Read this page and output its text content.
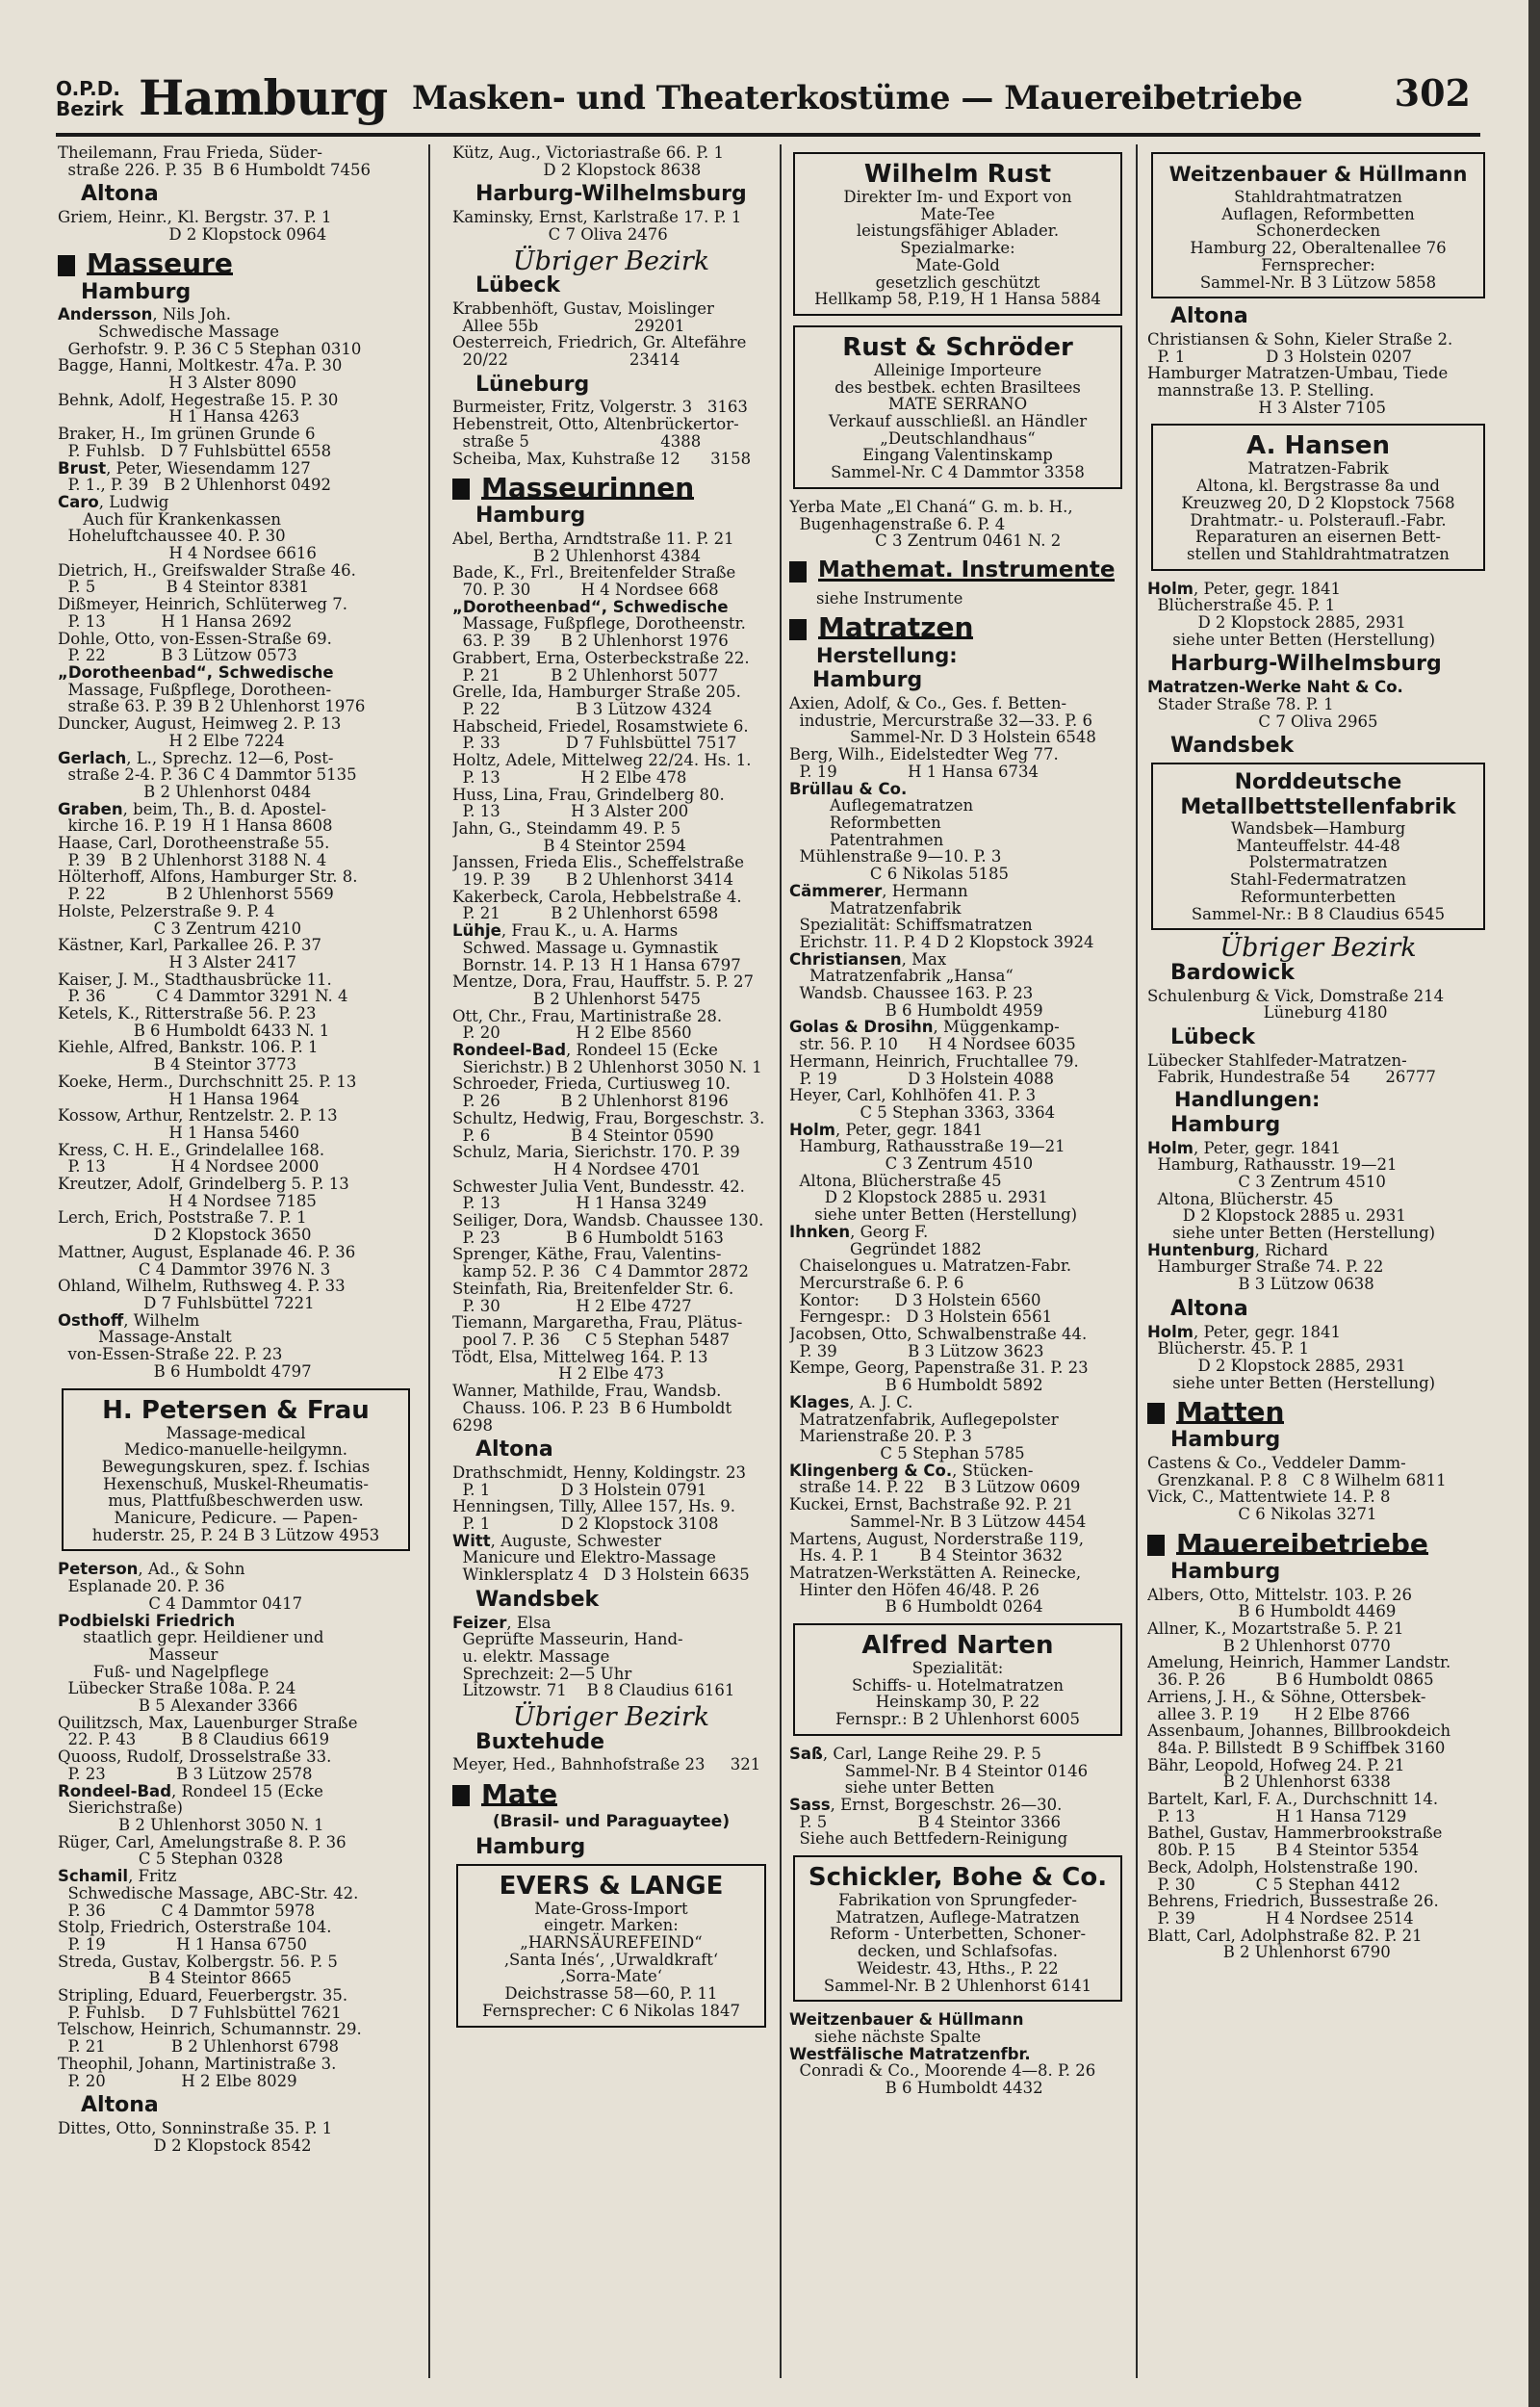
O.P.D.
Bezirk Hamburg Masken- und Theaterkostüme — Mauereibetriebe	302

Theilemann, Frau Frieda, Süder-
straße 226. P. 35  B 6 Humboldt 7456

Altona

Griem, Heinr., Kl. Bergstr. 37. P. 1
D 2 Klopstock 0964

Masseure
Hamburg

Andersson, Nils Joh.
Schwedische Massage
Gerhofstr. 9. P. 36 C 5 Stephan 0310

Bagge, Hanni, Moltkestr. 47a. P. 30
H 3 Alster 8090

Behnk, Adolf, Hegestraße 15. P. 30
H 1 Hansa 4263

Braker, H., Im grünen Grunde 6
P. Fuhlsb.   D 7 Fuhlsbüttel 6558

Brust, Peter, Wiesendamm 127
P. 1., P. 39   B 2 Uhlenhorst 0492

Caro, Ludwig
Auch für Krankenkassen
Hoheluftchaussee 40. P. 30
H 4 Nordsee 6616

Dietrich, H., Greifswalder Straße 46.
P. 5              B 4 Steintor 8381

Dißmeyer, Heinrich, Schlüterweg 7.
P. 13           H 1 Hansa 2692

Dohle, Otto, von-Essen-Straße 69.
P. 22           B 3 Lützow 0573

„Dorotheenbad“, Schwedische
Massage, Fußpflege, Dorotheen-
straße 63. P. 39 B 2 Uhlenhorst 1976

Duncker, August, Heimweg 2. P. 13
H 2 Elbe 7224

Gerlach, L., Sprechz. 12—6, Post-
straße 2-4. P. 36 C 4 Dammtor 5135
B 2 Uhlenhorst 0484

Graben, beim, Th., B. d. Apostel-
kirche 16. P. 19  H 1 Hansa 8608

Haase, Carl, Dorotheenstraße 55.
P. 39   B 2 Uhlenhorst 3188 N. 4

Hölterhoff, Alfons, Hamburger Str. 8.
P. 22            B 2 Uhlenhorst 5569

Holste, Pelzerstraße 9. P. 4
C 3 Zentrum 4210

Kästner, Karl, Parkallee 26. P. 37
H 3 Alster 2417

Kaiser, J. M., Stadthausbrücke 11.
P. 36          C 4 Dammtor 3291 N. 4

Ketels, K., Ritterstraße 56. P. 23
B 6 Humboldt 6433 N. 1

Kiehle, Alfred, Bankstr. 106. P. 1
B 4 Steintor 3773

Koeke, Herm., Durchschnitt 25. P. 13
H 1 Hansa 1964

Kossow, Arthur, Rentzelstr. 2. P. 13
H 1 Hansa 5460

Kress, C. H. E., Grindelallee 168.
P. 13             H 4 Nordsee 2000

Kreutzer, Adolf, Grindelberg 5. P. 13
H 4 Nordsee 7185

Lerch, Erich, Poststraße 7. P. 1
D 2 Klopstock 3650

Mattner, August, Esplanade 46. P. 36
C 4 Dammtor 3976 N. 3

Ohland, Wilhelm, Ruthsweg 4. P. 33
D 7 Fuhlsbüttel 7221

Osthoff, Wilhelm
Massage-Anstalt
von-Essen-Straße 22. P. 23
B 6 Humboldt 4797

H. Petersen & Frau

Massage-medical
Medico-manuelle-heilgymn.
Bewegungskuren, spez. f. Ischias
Hexenschuß, Muskel-Rheumatis-
mus, Plattfußbeschwerden usw.
Manicure, Pedicure. — Papen-
huderstr. 25, P. 24 B 3 Lützow 4953

Peterson, Ad., & Sohn
Esplanade 20. P. 36
C 4 Dammtor 0417

Podbielski Friedrich
staatlich gepr. Heildiener und
Masseur
Fuß- und Nagelpflege
Lübecker Straße 108a. P. 24
B 5 Alexander 3366

Quilitzsch, Max, Lauenburger Straße
22. P. 43         B 8 Claudius 6619

Quooss, Rudolf, Drosselstraße 33.
P. 23              B 3 Lützow 2578

Rondeel-Bad, Rondeel 15 (Ecke
Sierichstraße)
B 2 Uhlenhorst 3050 N. 1

Rüger, Carl, Amelungstraße 8. P. 36
C 5 Stephan 0328

Schamil, Fritz
Schwedische Massage, ABC-Str. 42.
P. 36           C 4 Dammtor 5978

Stolp, Friedrich, Osterstraße 104.
P. 19              H 1 Hansa 6750

Streda, Gustav, Kolbergstr. 56. P. 5
B 4 Steintor 8665

Stripling, Eduard, Feuerbergstr. 35.
P. Fuhlsb.     D 7 Fuhlsbüttel 7621

Telschow, Heinrich, Schumannstr. 29.
P. 21             B 2 Uhlenhorst 6798

Theophil, Johann, Martinistraße 3.
P. 20               H 2 Elbe 8029

Altona

Dittes, Otto, Sonninstraße 35. P. 1
D 2 Klopstock 8542

Kütz, Aug., Victoriastraße 66. P. 1
D 2 Klopstock 8638

Harburg-Wilhelmsburg

Kaminsky, Ernst, Karlstraße 17. P. 1
C 7 Oliva 2476

Übriger Bezirk
Lübeck

Krabbenhöft, Gustav, Moislinger
Allee 55b                   29201

Oesterreich, Friedrich, Gr. Altefähre
20/22                        23414

Lüneburg

Burmeister, Fritz, Volgerstr. 3   3163

Hebenstreit, Otto, Altenbrückertor-
straße 5                          4388

Scheiba, Max, Kuhstraße 12      3158

Masseurinnen
Hamburg

Abel, Bertha, Arndtstraße 11. P. 21
B 2 Uhlenhorst 4384

Bade, K., Frl., Breitenfelder Straße
70. P. 30          H 4 Nordsee 668

„Dorotheenbad“, Schwedische
Massage, Fußpflege, Dorotheenstr.
63. P. 39      B 2 Uhlenhorst 1976

Grabbert, Erna, Osterbeckstraße 22.
P. 21          B 2 Uhlenhorst 5077

Grelle, Ida, Hamburger Straße 205.
P. 22               B 3 Lützow 4324

Habscheid, Friedel, Rosamstwiete 6.
P. 33             D 7 Fuhlsbüttel 7517

Holtz, Adele, Mittelweg 22/24. Hs. 1.
P. 13                H 2 Elbe 478

Huss, Lina, Frau, Grindelberg 80.
P. 13              H 3 Alster 200

Jahn, G., Steindamm 49. P. 5
B 4 Steintor 2594

Janssen, Frieda Elis., Scheffelstraße
19. P. 39       B 2 Uhlenhorst 3414

Kakerbeck, Carola, Hebbelstraße 4.
P. 21          B 2 Uhlenhorst 6598

Lühje, Frau K., u. A. Harms
Schwed. Massage u. Gymnastik
Bornstr. 14. P. 13  H 1 Hansa 6797

Mentze, Dora, Frau, Hauffstr. 5. P. 27
B 2 Uhlenhorst 5475

Ott, Chr., Frau, Martinistraße 28.
P. 20               H 2 Elbe 8560

Rondeel-Bad, Rondeel 15 (Ecke
Sierichstr.) B 2 Uhlenhorst 3050 N. 1

Schroeder, Frieda, Curtiusweg 10.
P. 26            B 2 Uhlenhorst 8196

Schultz, Hedwig, Frau, Borgeschstr. 3.
P. 6                B 4 Steintor 0590

Schulz, Maria, Sierichstr. 170. P. 39
H 4 Nordsee 4701

Schwester Julia Vent, Bundesstr. 42.
P. 13               H 1 Hansa 3249

Seiliger, Dora, Wandsb. Chaussee 130.
P. 23             B 6 Humboldt 5163

Sprenger, Käthe, Frau, Valentins-
kamp 52. P. 36   C 4 Dammtor 2872

Steinfath, Ria, Breitenfelder Str. 6.
P. 30               H 2 Elbe 4727

Tiemann, Margaretha, Frau, Plätus-
pool 7. P. 36     C 5 Stephan 5487

Tödt, Elsa, Mittelweg 164. P. 13
H 2 Elbe 473

Wanner, Mathilde, Frau, Wandsb.
Chauss. 106. P. 23  B 6 Humboldt 6298

Altona

Drathschmidt, Henny, Koldingstr. 23
P. 1              D 3 Holstein 0791

Henningsen, Tilly, Allee 157, Hs. 9.
P. 1              D 2 Klopstock 3108

Witt, Auguste, Schwester
Manicure und Elektro-Massage
Winklersplatz 4   D 3 Holstein 6635

Wandsbek

Feizer, Elsa
Geprüfte Masseurin, Hand-
u. elektr. Massage
Sprechzeit: 2—5 Uhr
Litzowstr. 71    B 8 Claudius 6161

Übriger Bezirk
Buxtehude

Meyer, Hed., Bahnhofstraße 23     321

Mate
(Brasil- und Paraguaytee)
Hamburg

EVERS & LANGE

Mate-Gross-Import
eingetr. Marken:
„HARNSÄUREFEIND“
‚Santa Inés‘, ‚Urwaldkraft‘
‚Sorra-Mate‘
Deichstrasse 58—60, P. 11
Fernsprecher: C 6 Nikolas 1847

Wilhelm Rust

Direkter Im- und Export von
Mate-Tee
leistungsfähiger Ablader.
Spezialmarke:
Mate-Gold
gesetzlich geschützt
Hellkamp 58, P.19, H 1 Hansa 5884

Rust & Schröder

Alleinige Importeure
des bestbek. echten Brasiltees
MATE SERRANO
Verkauf ausschließl. an Händler
„Deutschlandhaus“
Eingang Valentinskamp
Sammel-Nr. C 4 Dammtor 3358

Yerba Mate „El Chaná“ G. m. b. H.,
Bugenhagenstraße 6. P. 4
C 3 Zentrum 0461 N. 2

Mathemat. Instrumente

siehe Instrumente

Matratzen
Herstellung:
Hamburg

Axien, Adolf, & Co., Ges. f. Betten-
industrie, Mercurstraße 32—33. P. 6
Sammel-Nr. D 3 Holstein 6548

Berg, Wilh., Eidelstedter Weg 77.
P. 19              H 1 Hansa 6734

Brüllau & Co.
Auflegematratzen
Reformbetten
Patentrahmen
Mühlenstraße 9—10. P. 3
C 6 Nikolas 5185

Cämmerer, Hermann
Matratzenfabrik
Spezialität: Schiffsmatratzen
Erichstr. 11. P. 4 D 2 Klopstock 3924

Christiansen, Max
Matratzenfabrik „Hansa“
Wandsb. Chaussee 163. P. 23
B 6 Humboldt 4959

Golas & Drosihn, Müggenkamp-
str. 56. P. 10      H 4 Nordsee 6035

Hermann, Heinrich, Fruchtallee 79.
P. 19              D 3 Holstein 4088

Heyer, Carl, Kohlhöfen 41. P. 3
C 5 Stephan 3363, 3364

Holm, Peter, gegr. 1841
Hamburg, Rathausstraße 19—21
C 3 Zentrum 4510
Altona, Blücherstraße 45
D 2 Klopstock 2885 u. 2931
siehe unter Betten (Herstellung)

Ihnken, Georg F.
Gegründet 1882
Chaiselongues u. Matratzen-Fabr.
Mercurstraße 6. P. 6
Kontor:       D 3 Holstein 6560
Ferngespr.:   D 3 Holstein 6561

Jacobsen, Otto, Schwalbenstraße 44.
P. 39              B 3 Lützow 3623

Kempe, Georg, Papenstraße 31. P. 23
B 6 Humboldt 5892

Klages, A. J. C.
Matratzenfabrik, Auflegepolster
Marienstraße 20. P. 3
C 5 Stephan 5785

Klingenberg & Co., Stücken-
straße 14. P. 22    B 3 Lützow 0609

Kuckei, Ernst, Bachstraße 92. P. 21
Sammel-Nr. B 3 Lützow 4454

Martens, August, Norderstraße 119,
Hs. 4. P. 1        B 4 Steintor 3632

Matratzen-Werkstätten A. Reinecke,
Hinter den Höfen 46/48. P. 26
B 6 Humboldt 0264

Alfred Narten

Spezialität:
Schiffs- u. Hotelmatratzen
Heinskamp 30, P. 22
Fernspr.: B 2 Uhlenhorst 6005

Saß, Carl, Lange Reihe 29. P. 5
Sammel-Nr. B 4 Steintor 0146
siehe unter Betten

Sass, Ernst, Borgeschstr. 26—30.
P. 5                  B 4 Steintor 3366
Siehe auch Bettfedern-Reinigung

Schickler, Bohe & Co.

Fabrikation von Sprungfeder-
Matratzen, Auflege-Matratzen
Reform - Unterbetten, Schoner-
decken, und Schlafsofas.
Weidestr. 43, Hths., P. 22
Sammel-Nr. B 2 Uhlenhorst 6141

Weitzenbauer & Hüllmann
siehe nächste Spalte

Westfälische Matratzenfbr.
Conradi & Co., Moorende 4—8. P. 26
B 6 Humboldt 4432

Weitzenbauer & Hüllmann

Stahldrahtmatratzen
Auflagen, Reformbetten
Schonerdecken
Hamburg 22, Oberaltenallee 76
Fernsprecher:
Sammel-Nr. B 3 Lützow 5858

Altona

Christiansen & Sohn, Kieler Straße 2.
P. 1                D 3 Holstein 0207

Hamburger Matratzen-Umbau, Tiede
mannstraße 13. P. Stelling.
H 3 Alster 7105

A. Hansen

Matratzen-Fabrik
Altona, kl. Bergstrasse 8a und
Kreuzweg 20, D 2 Klopstock 7568
Drahtmatr.- u. Polsteraufl.-Fabr.
Reparaturen an eisernen Bett-
stellen und Stahldrahtmatratzen

Holm, Peter, gegr. 1841
Blücherstraße 45. P. 1
D 2 Klopstock 2885, 2931
siehe unter Betten (Herstellung)

Harburg-Wilhelmsburg

Matratzen-Werke Naht & Co.
Stader Straße 78. P. 1
C 7 Oliva 2965

Wandsbek

Norddeutsche Metallbettstellenfabrik

Wandsbek—Hamburg
Manteuffelstr. 44-48
Polstermatratzen
Stahl-Federmatratzen
Reformunterbetten
Sammel-Nr.: B 8 Claudius 6545

Übriger Bezirk
Bardowick

Schulenburg & Vick, Domstraße 214
Lüneburg 4180

Lübeck

Lübecker Stahlfeder-Matratzen-
Fabrik, Hundestraße 54       26777

Handlungen:
Hamburg

Holm, Peter, gegr. 1841
Hamburg, Rathausstr. 19—21
C 3 Zentrum 4510
Altona, Blücherstr. 45
D 2 Klopstock 2885 u. 2931
siehe unter Betten (Herstellung)

Huntenburg, Richard
Hamburger Straße 74. P. 22
B 3 Lützow 0638

Altona

Holm, Peter, gegr. 1841
Blücherstr. 45. P. 1
D 2 Klopstock 2885, 2931
siehe unter Betten (Herstellung)

Matten
Hamburg

Castens & Co., Veddeler Damm-
Grenzkanal. P. 8   C 8 Wilhelm 6811

Vick, C., Mattentwiete 14. P. 8
C 6 Nikolas 3271

Mauereibetriebe
Hamburg

Albers, Otto, Mittelstr. 103. P. 26
B 6 Humboldt 4469

Allner, K., Mozartstraße 5. P. 21
B 2 Uhlenhorst 0770

Amelung, Heinrich, Hammer Landstr.
36. P. 26          B 6 Humboldt 0865

Arriens, J. H., & Söhne, Ottersbek-
allee 3. P. 19       H 2 Elbe 8766

Assenbaum, Johannes, Billbrookdeich
84a. P. Billstedt  B 9 Schiffbek 3160

Bähr, Leopold, Hofweg 24. P. 21
B 2 Uhlenhorst 6338

Bartelt, Karl, F. A., Durchschnitt 14.
P. 13                H 1 Hansa 7129

Bathel, Gustav, Hammerbrookstraße
80b. P. 15        B 4 Steintor 5354

Beck, Adolph, Holstenstraße 190.
P. 30            C 5 Stephan 4412

Behrens, Friedrich, Bussestraße 26.
P. 39              H 4 Nordsee 2514

Blatt, Carl, Adolphstraße 82. P. 21
B 2 Uhlenhorst 6790
